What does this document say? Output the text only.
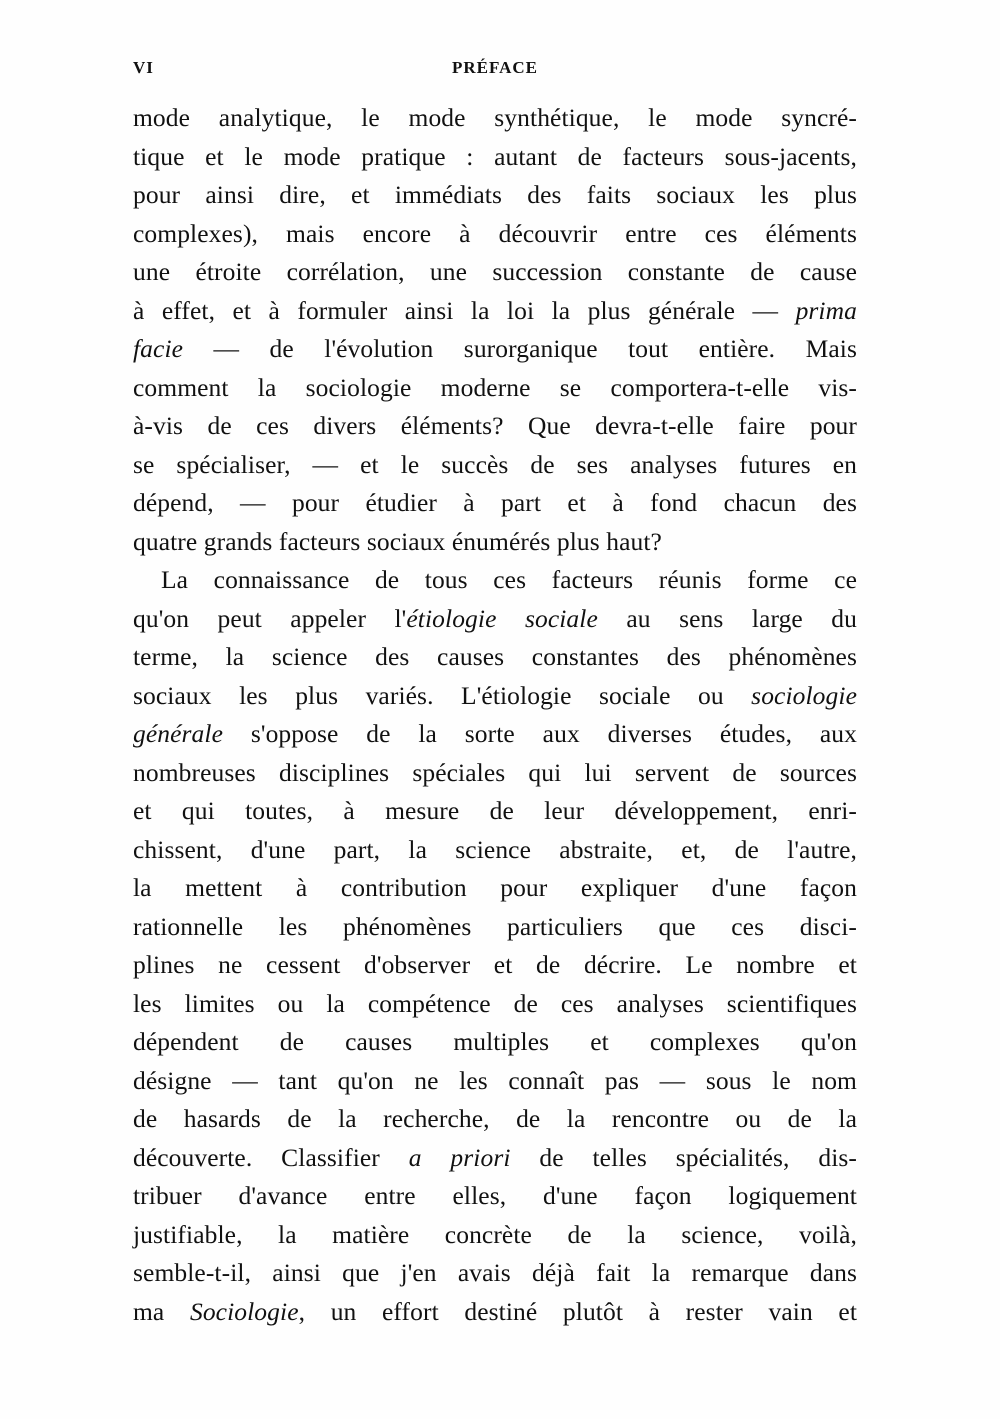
VI	PRÉFACE
mode analytique, le mode synthétique, le mode syncré-
tique et le mode pratique : autant de facteurs sous-jacents,
pour ainsi dire, et immédiats des faits sociaux les plus
complexes), mais encore à découvrir entre ces éléments
une étroite corrélation, une succession constante de cause
à effet, et à formuler ainsi la loi la plus générale — prima
facie — de l'évolution surorganique tout entière. Mais
comment la sociologie moderne se comportera-t-elle vis-
à-vis de ces divers éléments? Que devra-t-elle faire pour
se spécialiser, — et le succès de ses analyses futures en
dépend, — pour étudier à part et à fond chacun des
quatre grands facteurs sociaux énumérés plus haut?
La connaissance de tous ces facteurs réunis forme ce
qu'on peut appeler l'étiologie sociale au sens large du
terme, la science des causes constantes des phénomènes
sociaux les plus variés. L'étiologie sociale ou sociologie
générale s'oppose de la sorte aux diverses études, aux
nombreuses disciplines spéciales qui lui servent de sources
et qui toutes, à mesure de leur développement, enri-
chissent, d'une part, la science abstraite, et, de l'autre,
la mettent à contribution pour expliquer d'une façon
rationnelle les phénomènes particuliers que ces disci-
plines ne cessent d'observer et de décrire. Le nombre et
les limites ou la compétence de ces analyses scientifiques
dépendent de causes multiples et complexes qu'on
désigne — tant qu'on ne les connaît pas — sous le nom
de hasards de la recherche, de la rencontre ou de la
découverte. Classifier a priori de telles spécialités, dis-
tribuer d'avance entre elles, d'une façon logiquement
justifiable, la matière concrète de la science, voilà,
semble-t-il, ainsi que j'en avais déjà fait la remarque dans
ma Sociologie, un effort destiné plutôt à rester vain et
